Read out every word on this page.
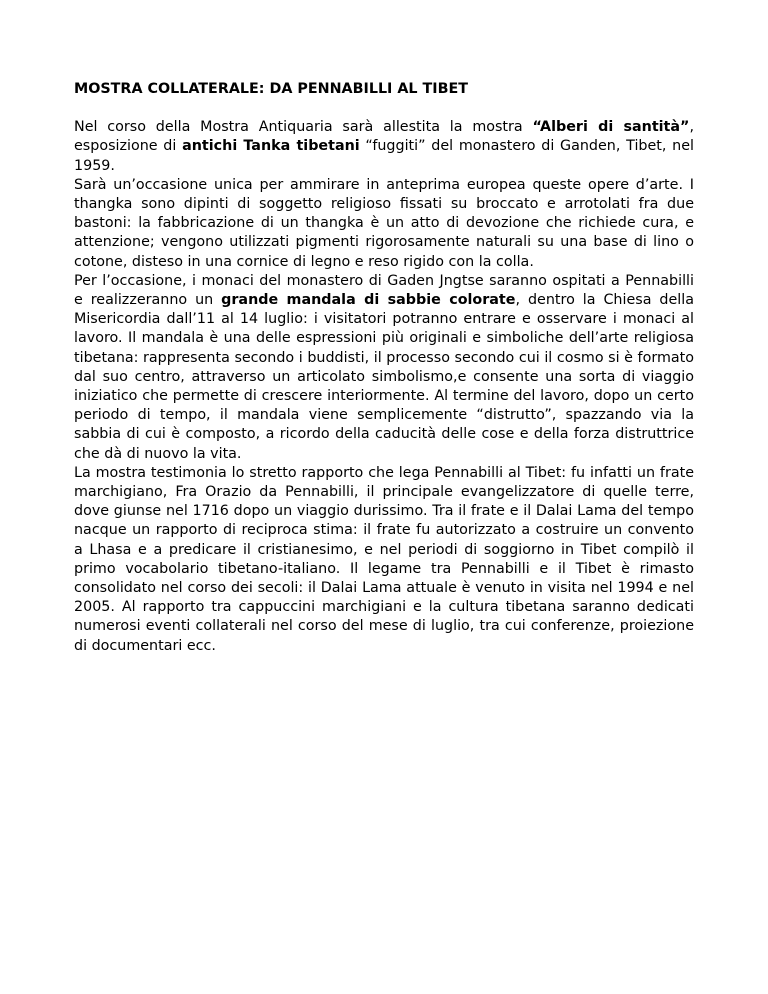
MOSTRA COLLATERALE: DA PENNABILLI AL TIBET

Nel corso della Mostra Antiquaria sarà allestita la mostra “Alberi di santità”, esposizione di antichi Tanka tibetani “fuggiti” del monastero di Ganden, Tibet, nel 1959.

Sarà un’occasione unica per ammirare in anteprima europea queste opere d’arte. I thangka sono dipinti di soggetto religioso fissati su broccato e arrotolati fra due bastoni: la fabbricazione di un thangka è un atto di devozione che richiede cura, e attenzione; vengono utilizzati pigmenti rigorosamente naturali su una base di lino o cotone, disteso in una cornice di legno e reso rigido con la colla.

Per l’occasione, i monaci del monastero di Gaden Jngtse saranno ospitati a Pennabilli e realizzeranno un grande mandala di sabbie colorate, dentro la Chiesa della Misericordia dall’11 al 14 luglio: i visitatori potranno entrare e osservare i monaci al lavoro. Il mandala è una delle espressioni più originali e simboliche dell’arte religiosa tibetana: rappresenta secondo i buddisti, il processo secondo cui il cosmo si è formato dal suo centro, attraverso un articolato simbolismo,e consente una sorta di viaggio iniziatico che permette di crescere interiormente. Al termine del lavoro, dopo un certo periodo di tempo, il mandala viene semplicemente “distrutto”, spazzando via la sabbia di cui è composto, a ricordo della caducità delle cose e della forza distruttrice che dà di nuovo la vita.

La mostra testimonia lo stretto rapporto che lega Pennabilli al Tibet: fu infatti un frate marchigiano, Fra Orazio da Pennabilli, il principale evangelizzatore di quelle terre, dove giunse nel 1716 dopo un viaggio durissimo. Tra il frate e il Dalai Lama del tempo nacque un rapporto di reciproca stima: il frate fu autorizzato a costruire un convento a Lhasa e a predicare il cristianesimo, e nel periodi di soggiorno in Tibet compilò il primo vocabolario tibetano-italiano. Il legame tra Pennabilli e il Tibet è rimasto consolidato nel corso dei secoli: il Dalai Lama attuale è venuto in visita nel 1994 e nel 2005. Al rapporto tra cappuccini marchigiani e la cultura tibetana saranno dedicati numerosi eventi collaterali nel corso del mese di luglio, tra cui conferenze, proiezione di documentari ecc.
